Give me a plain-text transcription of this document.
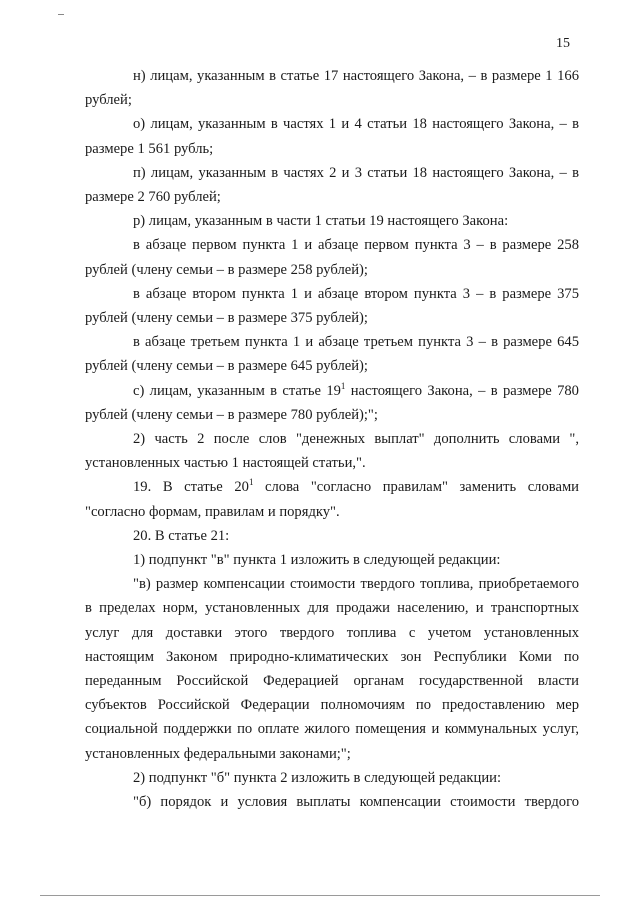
15

н) лицам, указанным в статье 17 настоящего Закона, – в размере 1 166 рублей;

о) лицам, указанным в частях 1 и 4 статьи 18 настоящего Закона, – в размере 1 561 рубль;

п) лицам, указанным в частях 2 и 3 статьи 18 настоящего Закона, – в размере 2 760 рублей;

р) лицам, указанным в части 1 статьи 19 настоящего Закона:

в абзаце первом пункта 1 и абзаце первом пункта 3 – в размере 258 рублей (члену семьи – в размере 258 рублей);

в абзаце втором пункта 1 и абзаце втором пункта 3 – в размере 375 рублей (члену семьи – в размере 375 рублей);

в абзаце третьем пункта 1 и абзаце третьем пункта 3 – в размере 645 рублей (члену семьи – в размере 645 рублей);

с) лицам, указанным в статье $19^1$ настоящего Закона, – в размере 780 рублей (члену семьи – в размере 780 рублей);";

2) часть 2 после слов "денежных выплат" дополнить словами ", установленных частью 1 настоящей статьи,".

19. В статье $20^1$ слова "согласно правилам" заменить словами "согласно формам, правилам и порядку".

20. В статье 21:

1) подпункт "в" пункта 1 изложить в следующей редакции:

"в) размер компенсации стоимости твердого топлива, приобретаемого в пределах норм, установленных для продажи населению, и транспортных услуг для доставки этого твердого топлива с учетом установленных настоящим Законом природно-климатических зон Республики Коми по переданным Российской Федерацией органам государственной власти субъектов Российской Федерации полномочиям по предоставлению мер социальной поддержки по оплате жилого помещения и коммунальных услуг, установленных федеральными законами;";

2) подпункт "б" пункта 2 изложить в следующей редакции:

"б) порядок и условия выплаты компенсации стоимости твердого
